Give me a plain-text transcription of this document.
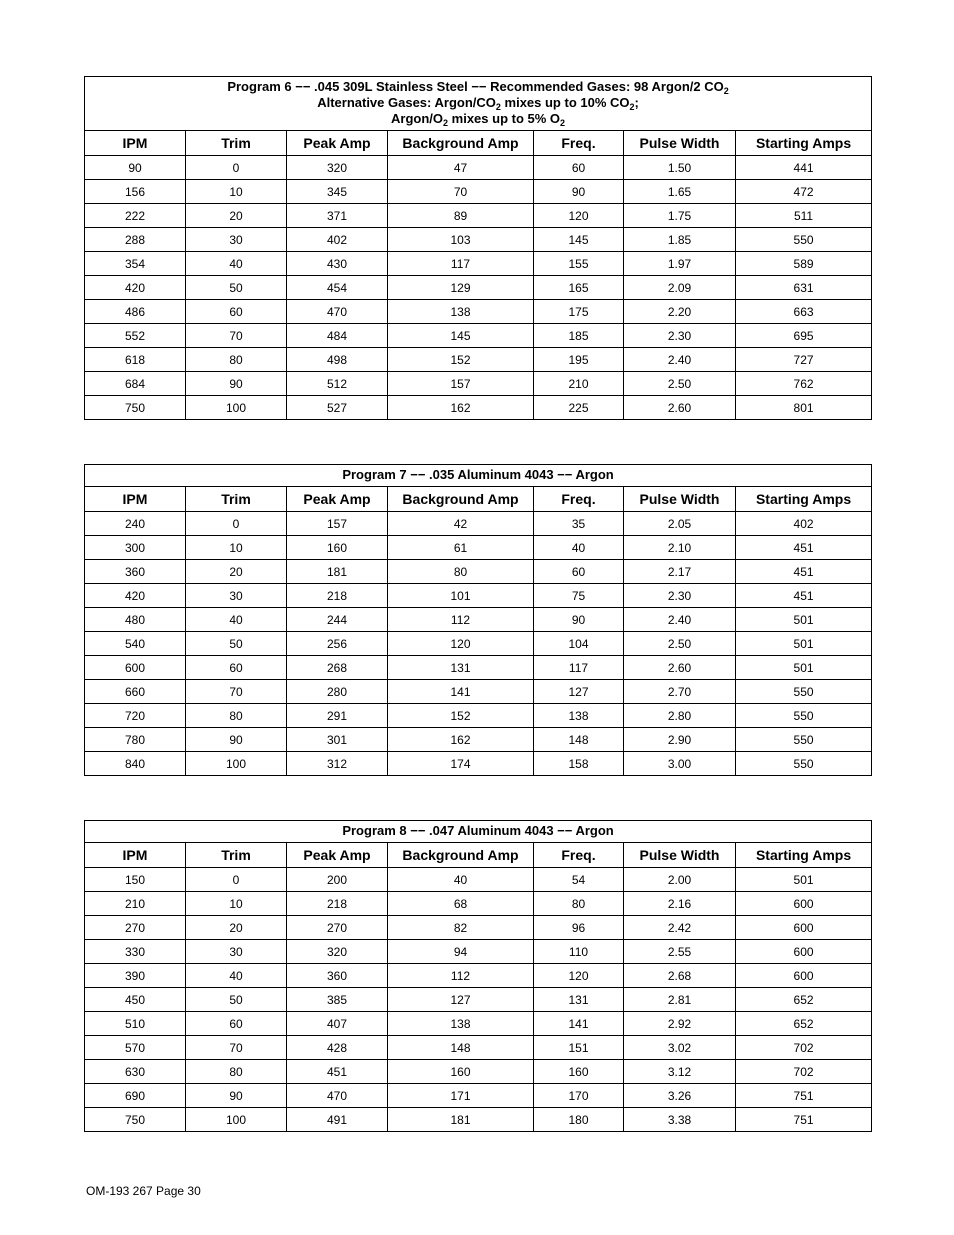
Program 6 −− .045 309L Stainless Steel −− Recommended Gases: 98 Argon/2 $CO_2$
Alternative Gases: Argon/$CO_2$ mixes up to 10% $CO_2$;
Argon/$O_2$ mixes up to 5% $O_2$

IPM	Trim	Peak Amp	Background Amp	Freq.	Pulse Width	Starting Amps
90	0	320	47	60	1.50	441
156	10	345	70	90	1.65	472
222	20	371	89	120	1.75	511
288	30	402	103	145	1.85	550
354	40	430	117	155	1.97	589
420	50	454	129	165	2.09	631
486	60	470	138	175	2.20	663
552	70	484	145	185	2.30	695
618	80	498	152	195	2.40	727
684	90	512	157	210	2.50	762
750	100	527	162	225	2.60	801
Program 7 −− .035 Aluminum 4043 −− Argon						

IPM	Trim	Peak Amp	Background Amp	Freq.	Pulse Width	Starting Amps
240	0	157	42	35	2.05	402
300	10	160	61	40	2.10	451
360	20	181	80	60	2.17	451
420	30	218	101	75	2.30	451
480	40	244	112	90	2.40	501
540	50	256	120	104	2.50	501
600	60	268	131	117	2.60	501
660	70	280	141	127	2.70	550
720	80	291	152	138	2.80	550
780	90	301	162	148	2.90	550
840	100	312	174	158	3.00	550
Program 8 −− .047 Aluminum 4043 −− Argon						

IPM	Trim	Peak Amp	Background Amp	Freq.	Pulse Width	Starting Amps
150	0	200	40	54	2.00	501
210	10	218	68	80	2.16	600
270	20	270	82	96	2.42	600
330	30	320	94	110	2.55	600
390	40	360	112	120	2.68	600
450	50	385	127	131	2.81	652
510	60	407	138	141	2.92	652
570	70	428	148	151	3.02	702
630	80	451	160	160	3.12	702
690	90	470	171	170	3.26	751
750	100	491	181	180	3.38	751
OM-193 267 Page 30
